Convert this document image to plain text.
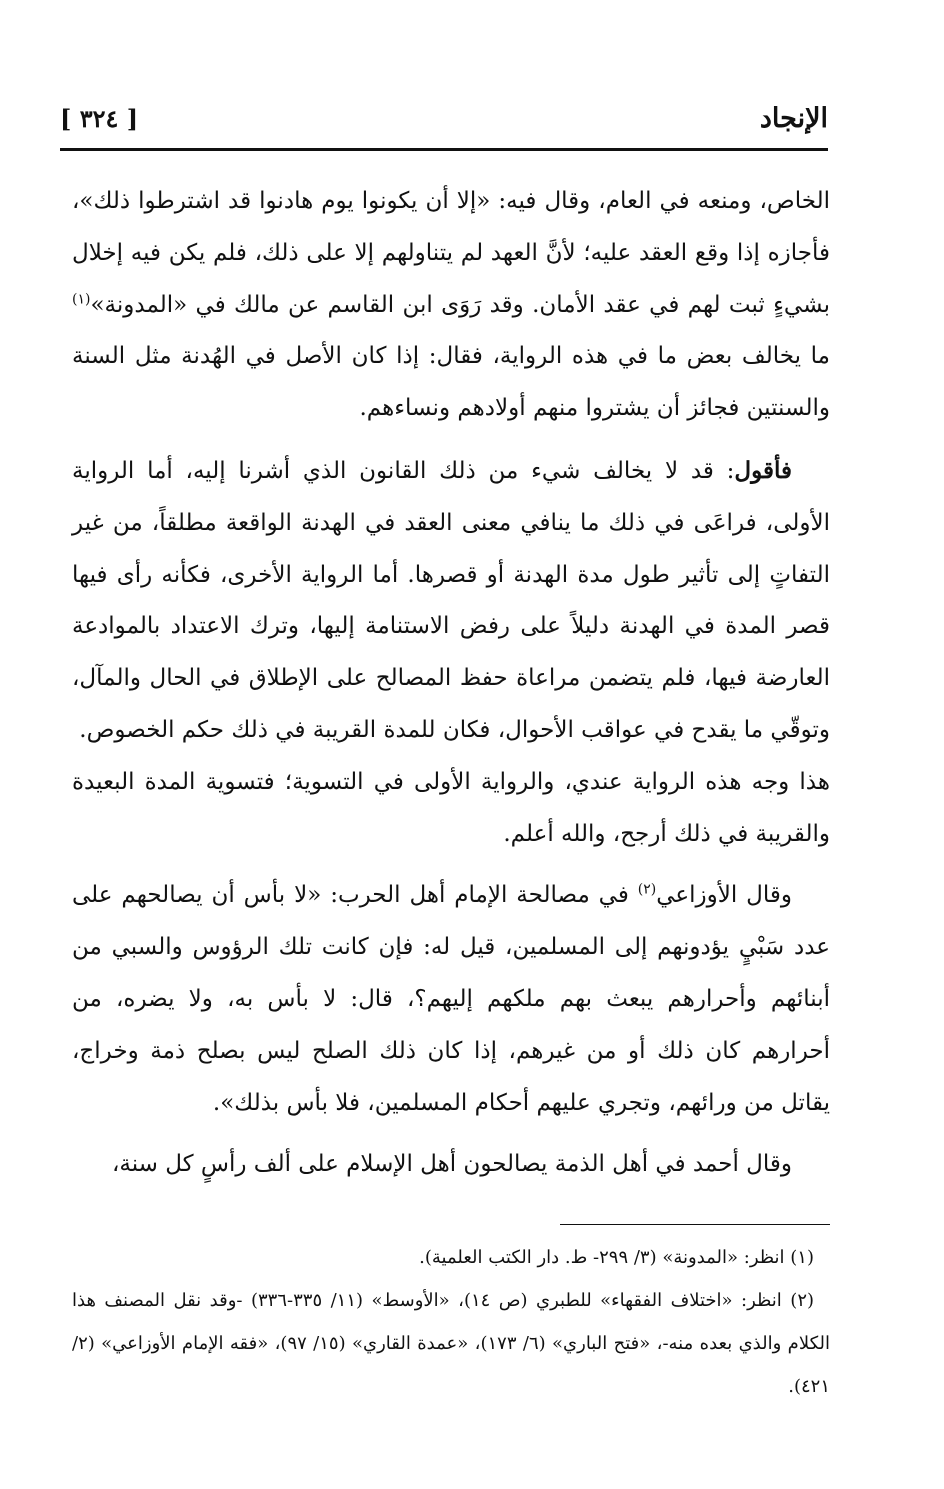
[ ٣٢٤ ]	الإنجاد

الخاص، ومنعه في العام، وقال فيه: «إلا أن يكونوا يوم هادنوا قد اشترطوا ذلك»، فأجازه إذا وقع العقد عليه؛ لأنَّ العهد لم يتناولهم إلا على ذلك، فلم يكن فيه إخلال بشيءٍ ثبت لهم في عقد الأمان. وقد رَوَى ابن القاسم عن مالك في «المدونة»$^{(١)}$ ما يخالف بعض ما في هذه الرواية، فقال: إذا كان الأصل في الهُدنة مثل السنة والسنتين فجائز أن يشتروا منهم أولادهم ونساءهم.

فأقول: قد لا يخالف شيء من ذلك القانون الذي أشرنا إليه، أما الرواية الأولى، فراعَى في ذلك ما ينافي معنى العقد في الهدنة الواقعة مطلقاً، من غير التفاتٍ إلى تأثير طول مدة الهدنة أو قصرها. أما الرواية الأخرى، فكأنه رأى فيها قصر المدة في الهدنة دليلاً على رفض الاستنامة إليها، وترك الاعتداد بالموادعة العارضة فيها، فلم يتضمن مراعاة حفظ المصالح على الإطلاق في الحال والمآل، وتوقّي ما يقدح في عواقب الأحوال، فكان للمدة القريبة في ذلك حكم الخصوص.

هذا وجه هذه الرواية عندي، والرواية الأولى في التسوية؛ فتسوية المدة البعيدة والقريبة في ذلك أرجح، والله أعلم.

وقال الأوزاعي$^{(٢)}$ في مصالحة الإمام أهل الحرب: «لا بأس أن يصالحهم على عدد سَبْيٍ يؤدونهم إلى المسلمين، قيل له: فإن كانت تلك الرؤوس والسبي من أبنائهم وأحرارهم يبعث بهم ملكهم إليهم؟، قال: لا بأس به، ولا يضره، من أحرارهم كان ذلك أو من غيرهم، إذا كان ذلك الصلح ليس بصلح ذمة وخراج، يقاتل من ورائهم، وتجري عليهم أحكام المسلمين، فلا بأس بذلك».

وقال أحمد في أهل الذمة يصالحون أهل الإسلام على ألف رأسٍ كل سنة،

(١) انظر: «المدونة» (٣/ ٢٩٩- ط. دار الكتب العلمية).

(٢) انظر: «اختلاف الفقهاء» للطبري (ص ١٤)، «الأوسط» (١١/ ٣٣٥-٣٣٦) -وقد نقل المصنف هذا الكلام والذي بعده منه-، «فتح الباري» (٦/ ١٧٣)، «عمدة القاري» (١٥/ ٩٧)، «فقه الإمام الأوزاعي» (٢/ ٤٢١).
